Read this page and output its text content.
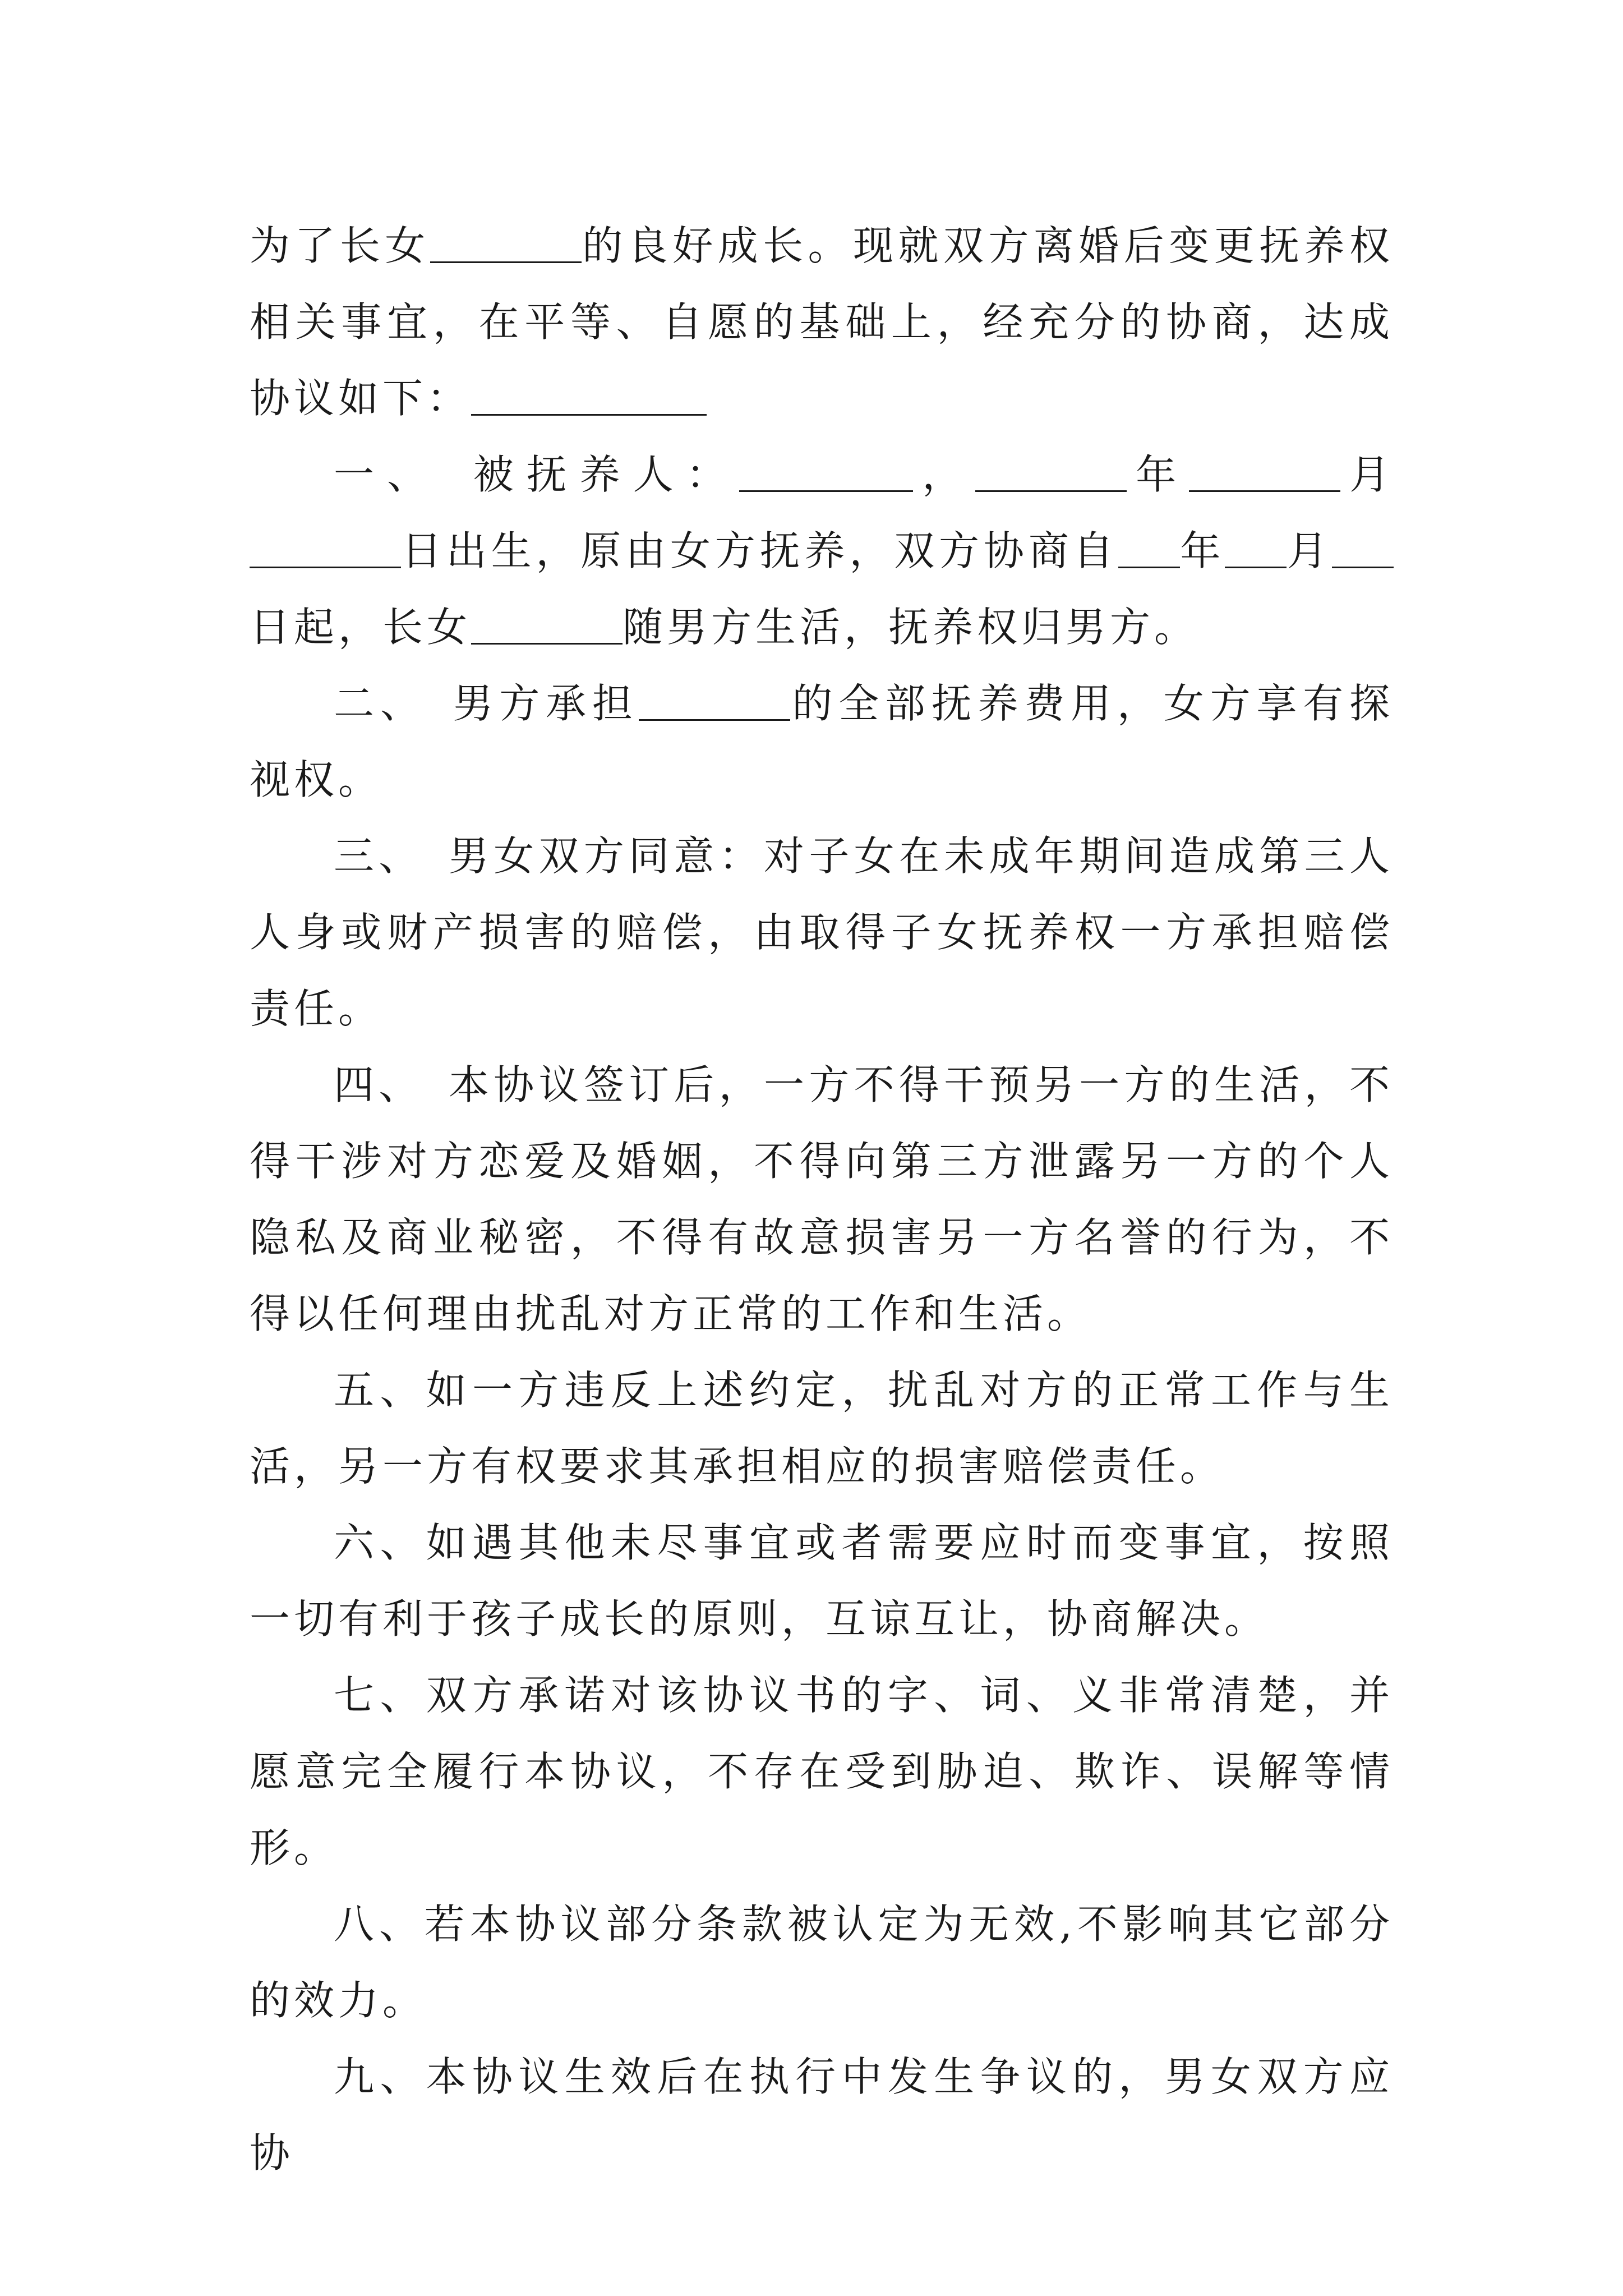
为了长女	的良好成长。现就双方离婚后变更抚养权相关事宜，在平等、自愿的基础上，经充分的协商，达成协议如下：

一、　被抚养人：	，	年	月日出生，原由女方抚养，双方协商自 年 月日起，长女	随男方生活，抚养权归男方。

二、　男方承担	的全部抚养费用，女方享有探视权。

三、　男女双方同意：对子女在未成年期间造成第三人人身或财产损害的赔偿，由取得子女抚养权一方承担赔偿责任。

四、　本协议签订后，一方不得干预另一方的生活，不得干涉对方恋爱及婚姻，不得向第三方泄露另一方的个人隐私及商业秘密，不得有故意损害另一方名誉的行为，不得以任何理由扰乱对方正常的工作和生活。

五、如一方违反上述约定，扰乱对方的正常工作与生活，另一方有权要求其承担相应的损害赔偿责任。

六、如遇其他未尽事宜或者需要应时而变事宜，按照一切有利于孩子成长的原则，互谅互让，协商解决。

七、双方承诺对该协议书的字、词、义非常清楚，并愿意完全履行本协议，不存在受到胁迫、欺诈、误解等情形。

八、若本协议部分条款被认定为无效,不影响其它部分的效力。

九、本协议生效后在执行中发生争议的，男女双方应协
